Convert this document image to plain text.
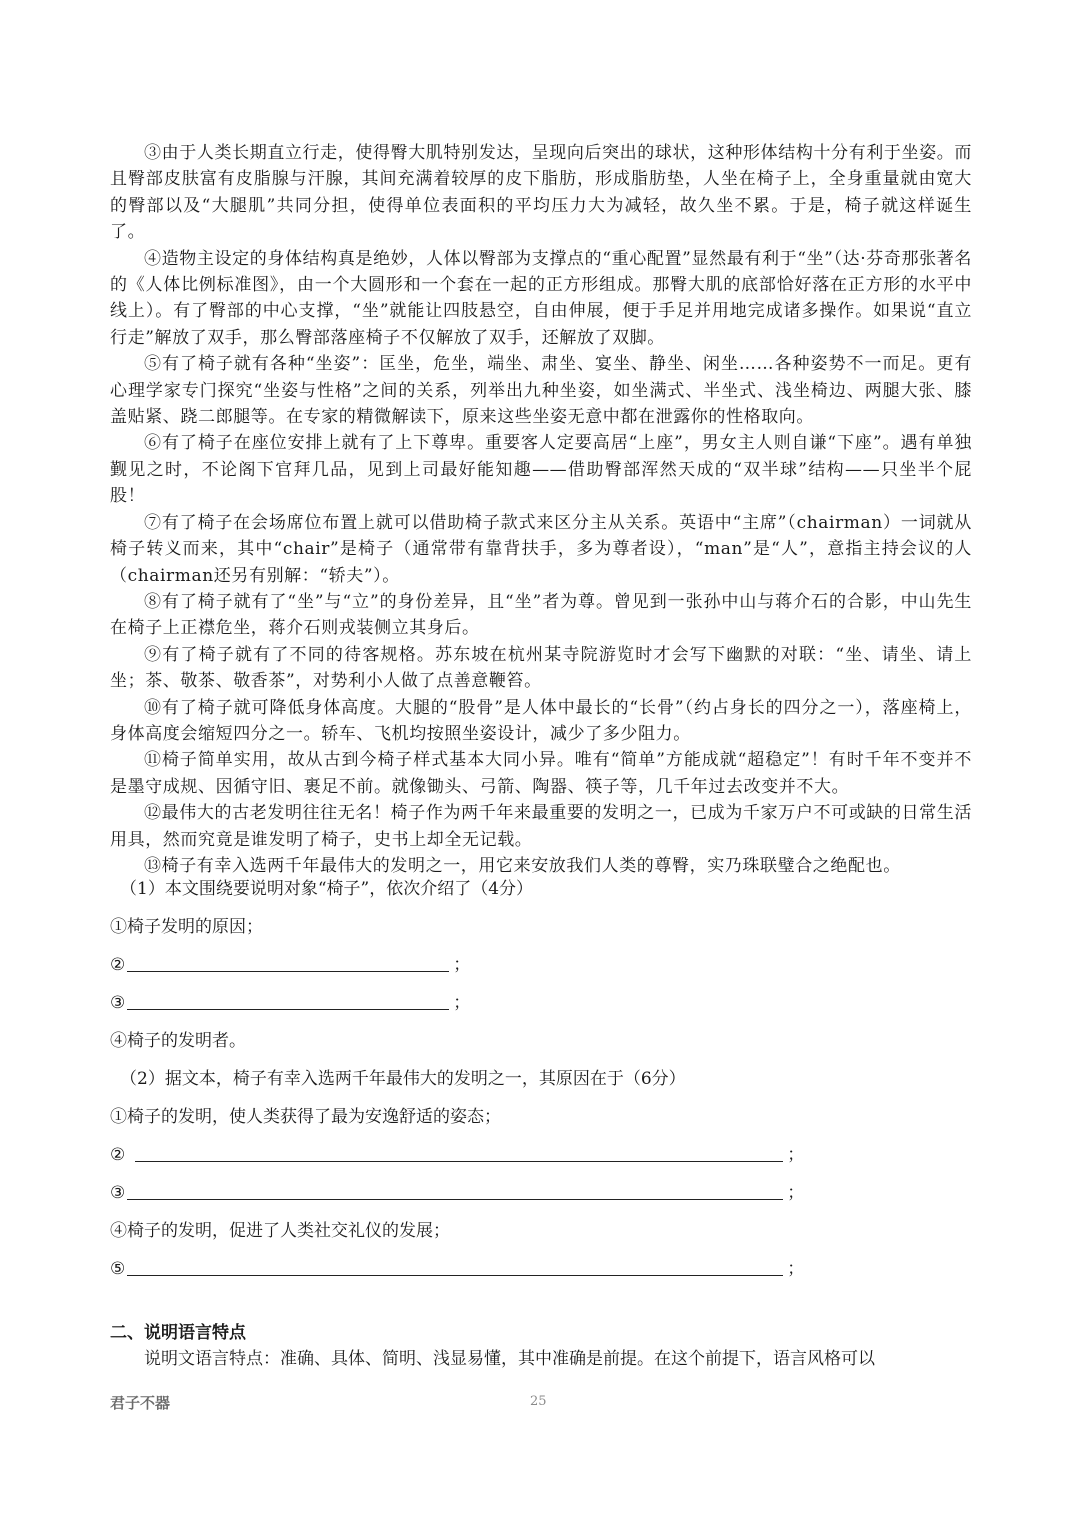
③由于人类长期直立行走，使得臀大肌特别发达，呈现向后突出的球状，这种形体结构十分有利于坐姿。而且臀部皮肤富有皮脂腺与汗腺，其间充满着较厚的皮下脂肪，形成脂肪垫，人坐在椅子上，全身重量就由宽大的臀部以及“大腿肌”共同分担，使得单位表面积的平均压力大为减轻，故久坐不累。于是，椅子就这样诞生了。

④造物主设定的身体结构真是绝妙，人体以臀部为支撑点的“重心配置”显然最有利于“坐”（达·芬奇那张著名的《人体比例标准图》，由一个大圆形和一个套在一起的正方形组成。那臀大肌的底部恰好落在正方形的水平中线上）。有了臀部的中心支撑，“坐”就能让四肢悬空，自由伸展，便于手足并用地完成诸多操作。如果说“直立行走”解放了双手，那么臀部落座椅子不仅解放了双手，还解放了双脚。

⑤有了椅子就有各种“坐姿”：匡坐，危坐，端坐、肃坐、宴坐、静坐、闲坐……各种姿势不一而足。更有心理学家专门探究“坐姿与性格”之间的关系，列举出九种坐姿，如坐满式、半坐式、浅坐椅边、两腿大张、膝盖贴紧、跷二郎腿等。在专家的精微解读下，原来这些坐姿无意中都在泄露你的性格取向。

⑥有了椅子在座位安排上就有了上下尊卑。重要客人定要高居“上座”，男女主人则自谦“下座”。遇有单独觐见之时，不论阁下官拜几品，见到上司最好能知趣——借助臀部浑然天成的“双半球”结构——只坐半个屁股！

⑦有了椅子在会场席位布置上就可以借助椅子款式来区分主从关系。英语中“主席”（chairman）一词就从椅子转义而来，其中“chair”是椅子（通常带有靠背扶手，多为尊者设），“man”是“人”，意指主持会议的人（chairman还另有别解：“轿夫”）。

⑧有了椅子就有了“坐”与“立”的身份差异，且“坐”者为尊。曾见到一张孙中山与蒋介石的合影，中山先生在椅子上正襟危坐，蒋介石则戎装侧立其身后。

⑨有了椅子就有了不同的待客规格。苏东坡在杭州某寺院游览时才会写下幽默的对联：“坐、请坐、请上坐；茶、敬茶、敬香茶”，对势利小人做了点善意鞭笞。

⑩有了椅子就可降低身体高度。大腿的“股骨”是人体中最长的“长骨”（约占身长的四分之一），落座椅上，身体高度会缩短四分之一。轿车、飞机均按照坐姿设计，减少了多少阻力。

⑪椅子简单实用，故从古到今椅子样式基本大同小异。唯有“简单”方能成就“超稳定”！有时千年不变并不是墨守成规、因循守旧、裹足不前。就像锄头、弓箭、陶器、筷子等，几千年过去改变并不大。

⑫最伟大的古老发明往往无名！椅子作为两千年来最重要的发明之一，已成为千家万户不可或缺的日常生活用具，然而究竟是谁发明了椅子，史书上却全无记载。

⑬椅子有幸入选两千年最伟大的发明之一，用它来安放我们人类的尊臀，实乃珠联璧合之绝配也。

（1）本文围绕要说明对象“椅子”，依次介绍了（4分）
①椅子发明的原因；
②	；
③	；
④椅子的发明者。
（2）据文本，椅子有幸入选两千年最伟大的发明之一，其原因在于（6分）
①椅子的发明，使人类获得了最为安逸舒适的姿态；
②	；
③	；
④椅子的发明，促进了人类社交礼仪的发展；
⑤	；
二、说明语言特点
说明文语言特点：准确、具体、简明、浅显易懂，其中准确是前提。在这个前提下，语言风格可以
君子不器	25
